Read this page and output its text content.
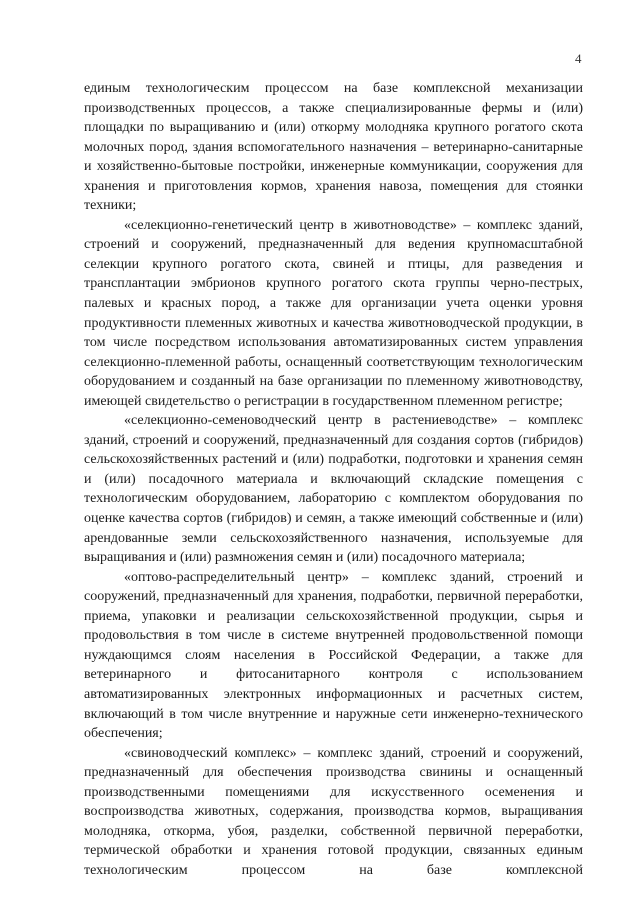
4

единым технологическим процессом на базе комплексной механизации производственных процессов, а также специализированные фермы и (или) площадки по выращиванию и (или) откорму молодняка крупного рогатого скота молочных пород, здания вспомогательного назначения – ветеринарно-санитарные и хозяйственно-бытовые постройки, инженерные коммуникации, сооружения для хранения и приготовления кормов, хранения навоза, помещения для стоянки техники;

«селекционно-генетический центр в животноводстве» – комплекс зданий, строений и сооружений, предназначенный для ведения крупномасштабной селекции крупного рогатого скота, свиней и птицы, для разведения и трансплантации эмбрионов крупного рогатого скота группы черно-пестрых, палевых и красных пород, а также для организации учета оценки уровня продуктивности племенных животных и качества животноводческой продукции, в том числе посредством использования автоматизированных систем управления селекционно-племенной работы, оснащенный соответствующим технологическим оборудованием и созданный на базе организации по племенному животноводству, имеющей свидетельство о регистрации в государственном племенном регистре;

«селекционно-семеноводческий центр в растениеводстве» – комплекс зданий, строений и сооружений, предназначенный для создания сортов (гибридов) сельскохозяйственных растений и (или) подработки, подготовки и хранения семян и (или) посадочного материала и включающий складские помещения с технологическим оборудованием, лабораторию с комплектом оборудования по оценке качества сортов (гибридов) и семян, а также имеющий собственные и (или) арендованные земли сельскохозяйственного назначения, используемые для выращивания и (или) размножения семян и (или) посадочного материала;

«оптово-распределительный центр» – комплекс зданий, строений и сооружений, предназначенный для хранения, подработки, первичной переработки, приема, упаковки и реализации сельскохозяйственной продукции, сырья и продовольствия в том числе в системе внутренней продовольственной помощи нуждающимся слоям населения в Российской Федерации, а также для ветеринарного и фитосанитарного контроля с использованием автоматизированных электронных информационных и расчетных систем, включающий в том числе внутренние и наружные сети инженерно-технического обеспечения;

«свиноводческий комплекс» – комплекс зданий, строений и сооружений, предназначенный для обеспечения производства свинины и оснащенный производственными помещениями для искусственного осеменения и воспроизводства животных, содержания, производства кормов, выращивания молодняка, откорма, убоя, разделки, собственной первичной переработки, термической обработки и хранения готовой продукции, связанных единым технологическим процессом на базе комплексной
